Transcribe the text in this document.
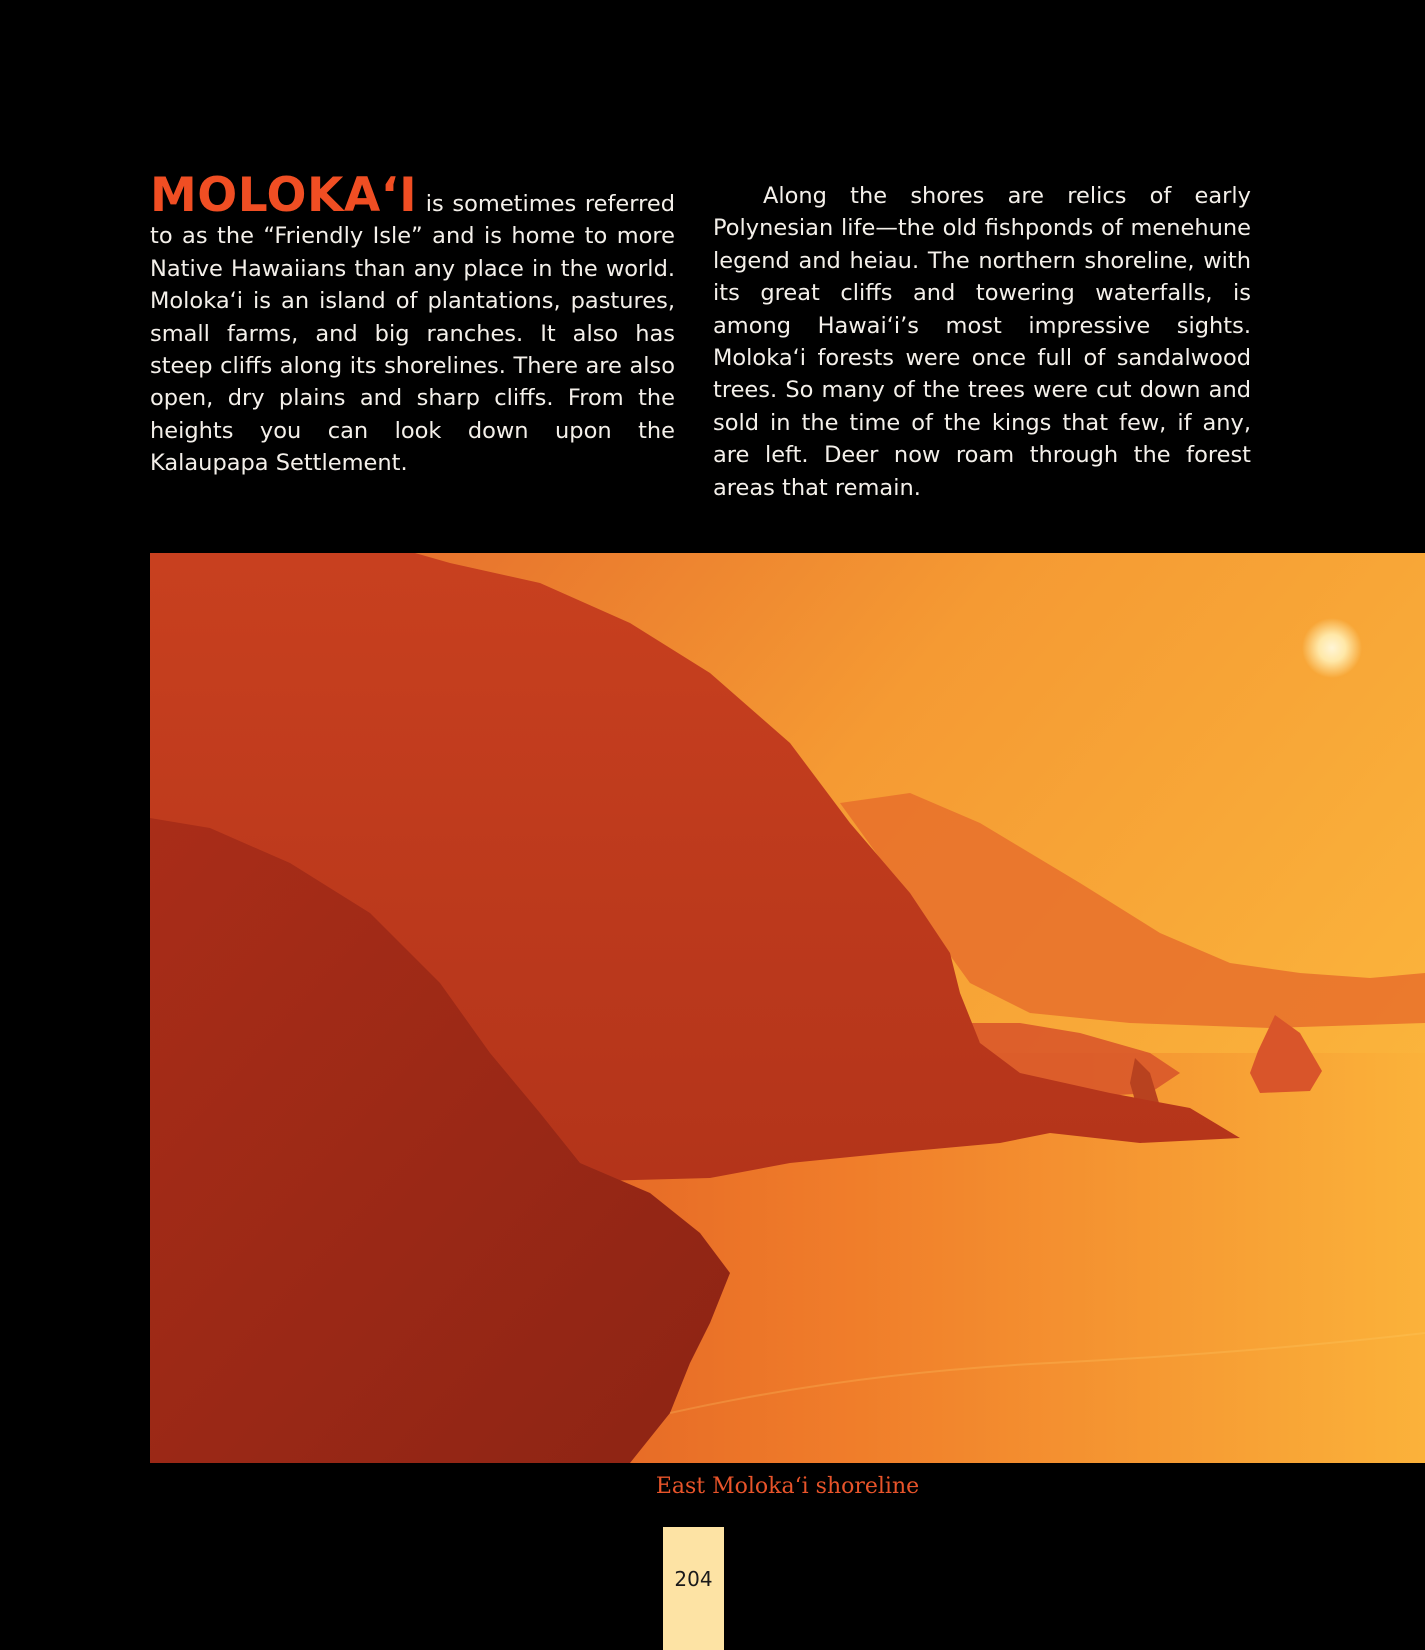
MOLOKA‘I is sometimes referred to as the “Friendly Isle” and is home to more Native Hawaiians than any place in the world. Moloka‘i is an island of plantations, pastures, small farms, and big ranches. It also has steep cliffs along its shorelines. There are also open, dry plains and sharp cliffs. From the heights you can look down upon the Kalaupapa Settlement.
Along the shores are relics of early Polynesian life—the old fishponds of menehune legend and heiau. The northern shoreline, with its great cliffs and towering waterfalls, is among Hawai‘i’s most impressive sights. Moloka‘i forests were once full of sandalwood trees. So many of the trees were cut down and sold in the time of the kings that few, if any, are left. Deer now roam through the forest areas that remain.
East Moloka‘i shoreline
204
